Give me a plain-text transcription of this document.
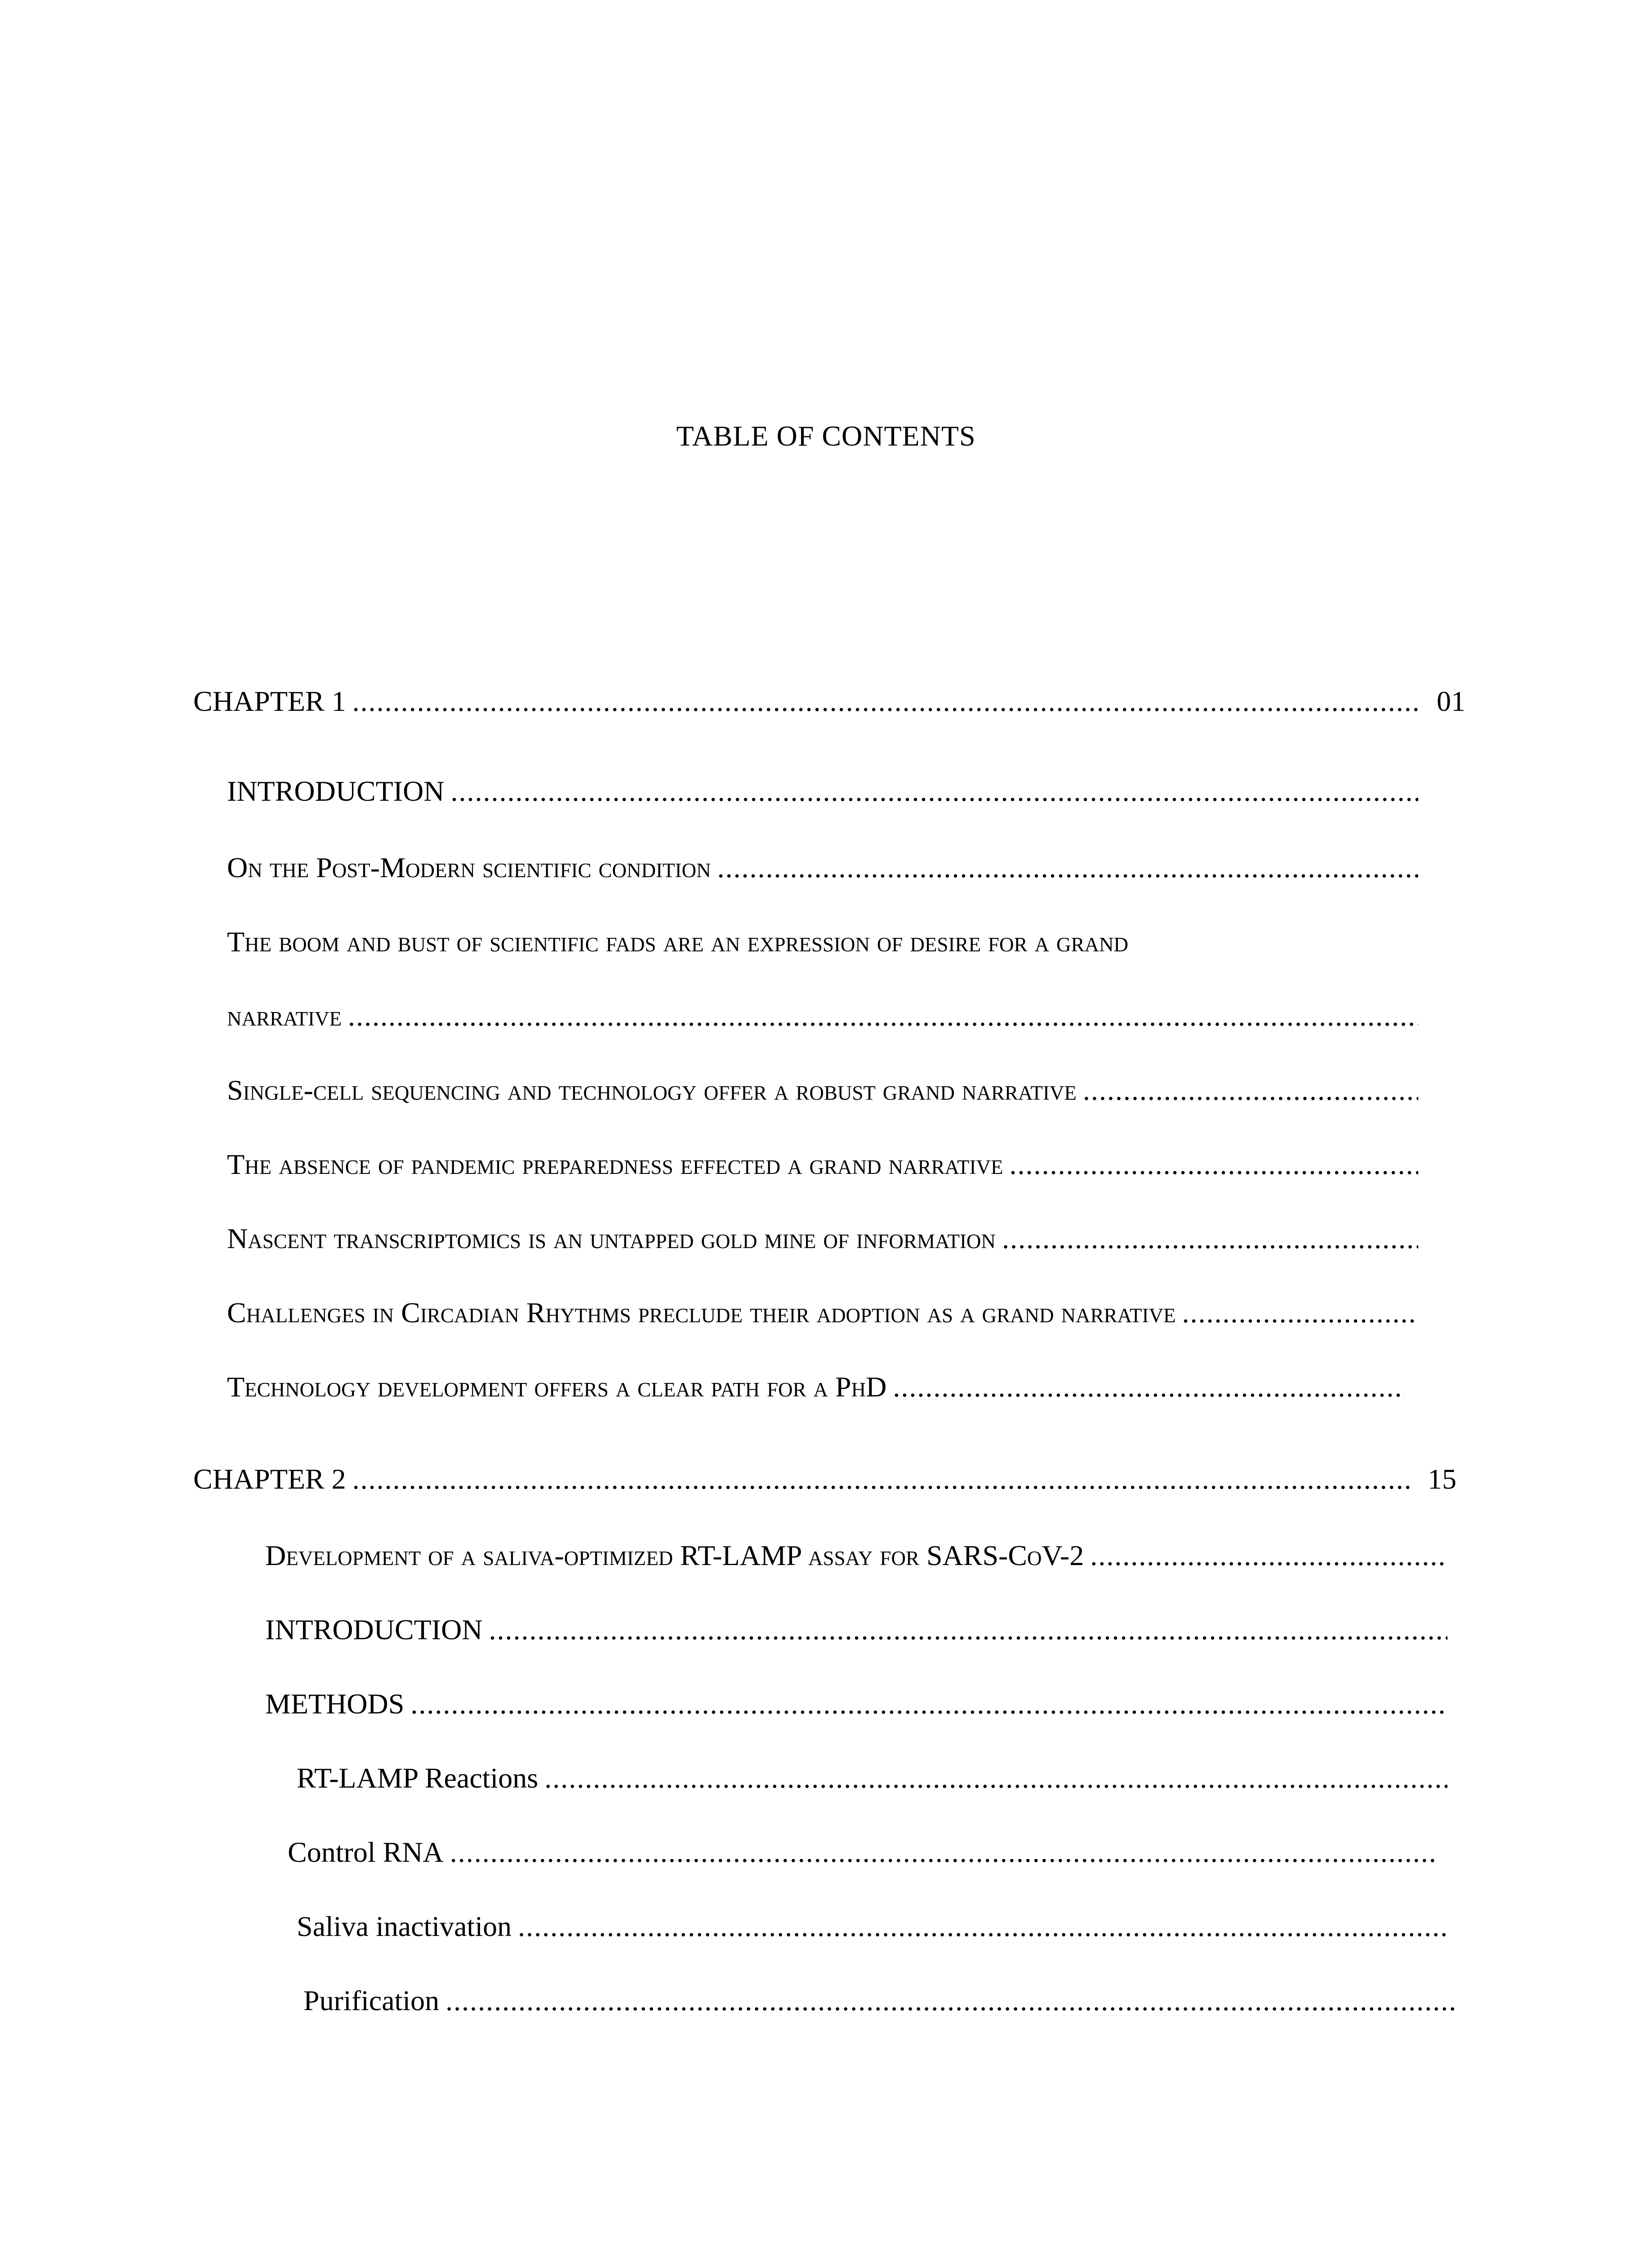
TABLE OF CONTENTS
CHAPTER 1 .....	01
INTRODUCTION
.....
On the Post-Modern scientific condition
.....
The boom and bust of scientific fads are an expression of desire for a grand
narrative
.....
Single-cell sequencing and technology offer a robust grand narrative
.....
The absence of pandemic preparedness effected a grand narrative
.....
Nascent transcriptomics is an untapped gold mine of information
.....
Challenges in Circadian Rhythms preclude their adoption as a grand narrative
.....
Technology development offers a clear path for a PhD
.....
CHAPTER 2 .....	15
Development of a saliva-optimized RT-LAMP assay for SARS-CoV-2
.....
INTRODUCTION
.....
METHODS
.....
RT-LAMP Reactions
.....
Control RNA
.....
Saliva inactivation
.....
Purification
.....
